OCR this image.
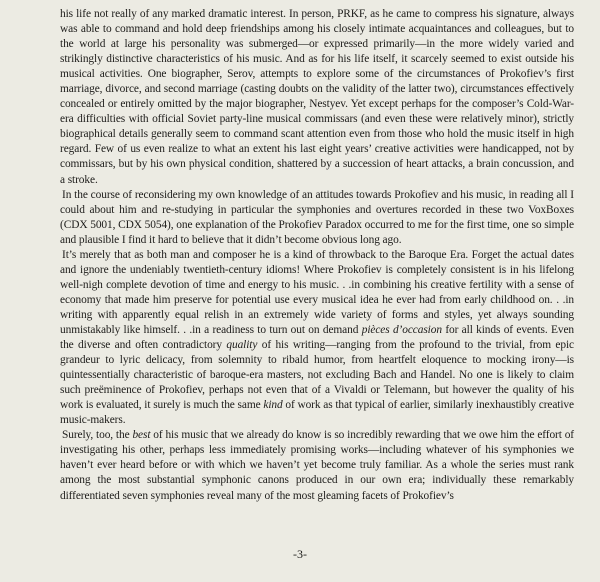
his life not really of any marked dramatic interest. In person, PRKF, as he came to compress his signature, always was able to command and hold deep friendships among his closely intimate acquaintances and colleagues, but to the world at large his personality was submerged—or expressed primarily—in the more widely varied and strikingly distinctive characteristics of his music. And as for his life itself, it scarcely seemed to exist outside his musical activities. One biographer, Serov, attempts to explore some of the circumstances of Prokofiev’s first marriage, divorce, and second marriage (casting doubts on the validity of the latter two), circumstances effectively concealed or entirely omitted by the major biographer, Nestyev. Yet except perhaps for the composer’s Cold-War-era difficulties with official Soviet party-line musical commissars (and even these were relatively minor), strictly biographical details generally seem to command scant attention even from those who hold the music itself in high regard. Few of us even realize to what an extent his last eight years’ creative activities were handicapped, not by commissars, but by his own physical condition, shattered by a succession of heart attacks, a brain concussion, and a stroke.

In the course of reconsidering my own knowledge of an attitudes towards Prokofiev and his music, in reading all I could about him and re-studying in particular the symphonies and overtures recorded in these two VoxBoxes (CDX 5001, CDX 5054), one explanation of the Prokofiev Paradox occurred to me for the first time, one so simple and plausible I find it hard to believe that it didn’t become obvious long ago.

It’s merely that as both man and composer he is a kind of throwback to the Baroque Era. Forget the actual dates and ignore the undeniably twentieth-century idioms! Where Prokofiev is completely consistent is in his lifelong well-nigh complete devotion of time and energy to his music. . .in combining his creative fertility with a sense of economy that made him preserve for potential use every musical idea he ever had from early childhood on. . .in writing with apparently equal relish in an extremely wide variety of forms and styles, yet always sounding unmistakably like himself. . .in a readiness to turn out on demand pièces d’occasion for all kinds of events. Even the diverse and often contradictory quality of his writing—ranging from the profound to the trivial, from epic grandeur to lyric delicacy, from solemnity to ribald humor, from heartfelt eloquence to mocking irony—is quintessentially characteristic of baroque-era masters, not excluding Bach and Handel. No one is likely to claim such preëminence of Prokofiev, perhaps not even that of a Vivaldi or Telemann, but however the quality of his work is evaluated, it surely is much the same kind of work as that typical of earlier, similarly inexhaustibly creative music-makers.

Surely, too, the best of his music that we already do know is so incredibly rewarding that we owe him the effort of investigating his other, perhaps less immediately promising works—including whatever of his symphonies we haven’t ever heard before or with which we haven’t yet become truly familiar. As a whole the series must rank among the most substantial symphonic canons produced in our own era; individually these remarkably differentiated seven symphonies reveal many of the most gleaming facets of Prokofiev’s

-3-
